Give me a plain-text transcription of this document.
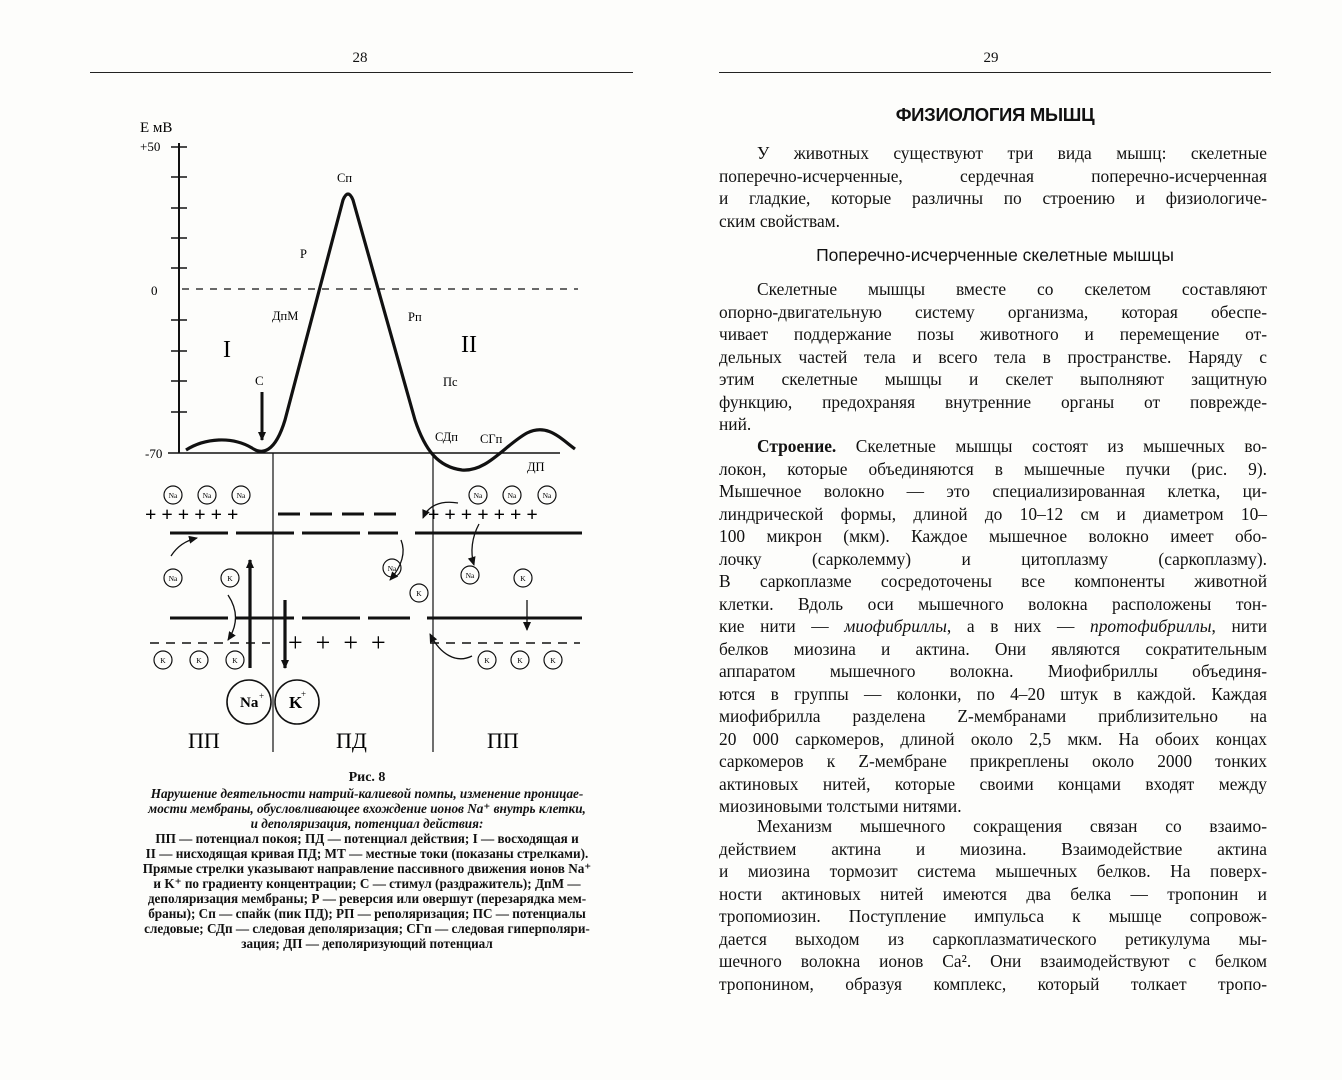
28
Е мВ
+50
0
-70
Сп
Р
ДпМ	Рп
С	Пс
СДп СГп
ДП
I	II
+ + + + + +	+ + + + + + +
+  +  +  +
Na	Na	Na	Na	Na	Na
Na	K
Na
K
Na	K
K	K	K	K	K	K
Na + K
+
ПП	ПД	ПП
Рис. 8
Нарушение деятельности натрий-калиевой помпы, изменение проницае-
мости мембраны, обусловливающее вхождение ионов Na⁺ внутрь клетки,
и деполяризация, потенциал действия:
ПП — потенциал покоя; ПД — потенциал действия; I — восходящая и
II — нисходящая кривая ПД; МТ — местные токи (показаны стрелками).
Прямые стрелки указывают направление пассивного движения ионов Na⁺
и K⁺ по градиенту концентрации; С — стимул (раздражитель); ДпМ —
деполяризация мембраны; Р — реверсия или овершут (перезарядка мем-
браны); Сп — спайк (пик ПД); РП — реполяризация; ПС — потенциалы
следовые; СДп — следовая деполяризация; СГп — следовая гиперполяри-
зация; ДП — деполяризующий потенциал
29
ФИЗИОЛОГИЯ МЫШЦ
У животных существуют три вида мышц: скелетные
поперечно-исчерченные, сердечная поперечно-исчерченная
и гладкие, которые различны по строению и физиологиче-
ским свойствам.
Поперечно-исчерченные скелетные мышцы
Скелетные мышцы вместе со скелетом составляют
опорно-двигательную систему организма, которая обеспе-
чивает поддержание позы животного и перемещение от-
дельных частей тела и всего тела в пространстве. Наряду с
этим скелетные мышцы и скелет выполняют защитную
функцию, предохраняя внутренние органы от поврежде-
ний.
Строение. Скелетные мышцы состоят из мышечных во-
локон, которые объединяются в мышечные пучки (рис. 9).
Мышечное волокно — это специализированная клетка, ци-
линдрической формы, длиной до 10–12 см и диаметром 10–
100 микрон (мкм). Каждое мышечное волокно имеет обо-
лочку (сарколемму) и цитоплазму (саркоплазму).
В саркоплазме сосредоточены все компоненты животной
клетки. Вдоль оси мышечного волокна расположены тон-
кие нити — миофибриллы, а в них — протофибриллы, нити
белков миозина и актина. Они являются сократительным
аппаратом мышечного волокна. Миофибриллы объединя-
ются в группы — колонки, по 4–20 штук в каждой. Каждая
миофибрилла разделена Z-мембранами приблизительно на
20 000 саркомеров, длиной около 2,5 мкм. На обоих концах
саркомеров к Z-мембране прикреплены около 2000 тонких
актиновых нитей, которые своими концами входят между
миозиновыми толстыми нитями.
Механизм мышечного сокращения связан со взаимо-
действием актина и миозина. Взаимодействие актина
и миозина тормозит система мышечных белков. На поверх-
ности актиновых нитей имеются два белка — тропонин и
тропомиозин. Поступление импульса к мышце сопровож-
дается выходом из саркоплазматического ретикулума мы-
шечного волокна ионов Са². Они взаимодействуют с белком
тропонином, образуя комплекс, который толкает тропо-
